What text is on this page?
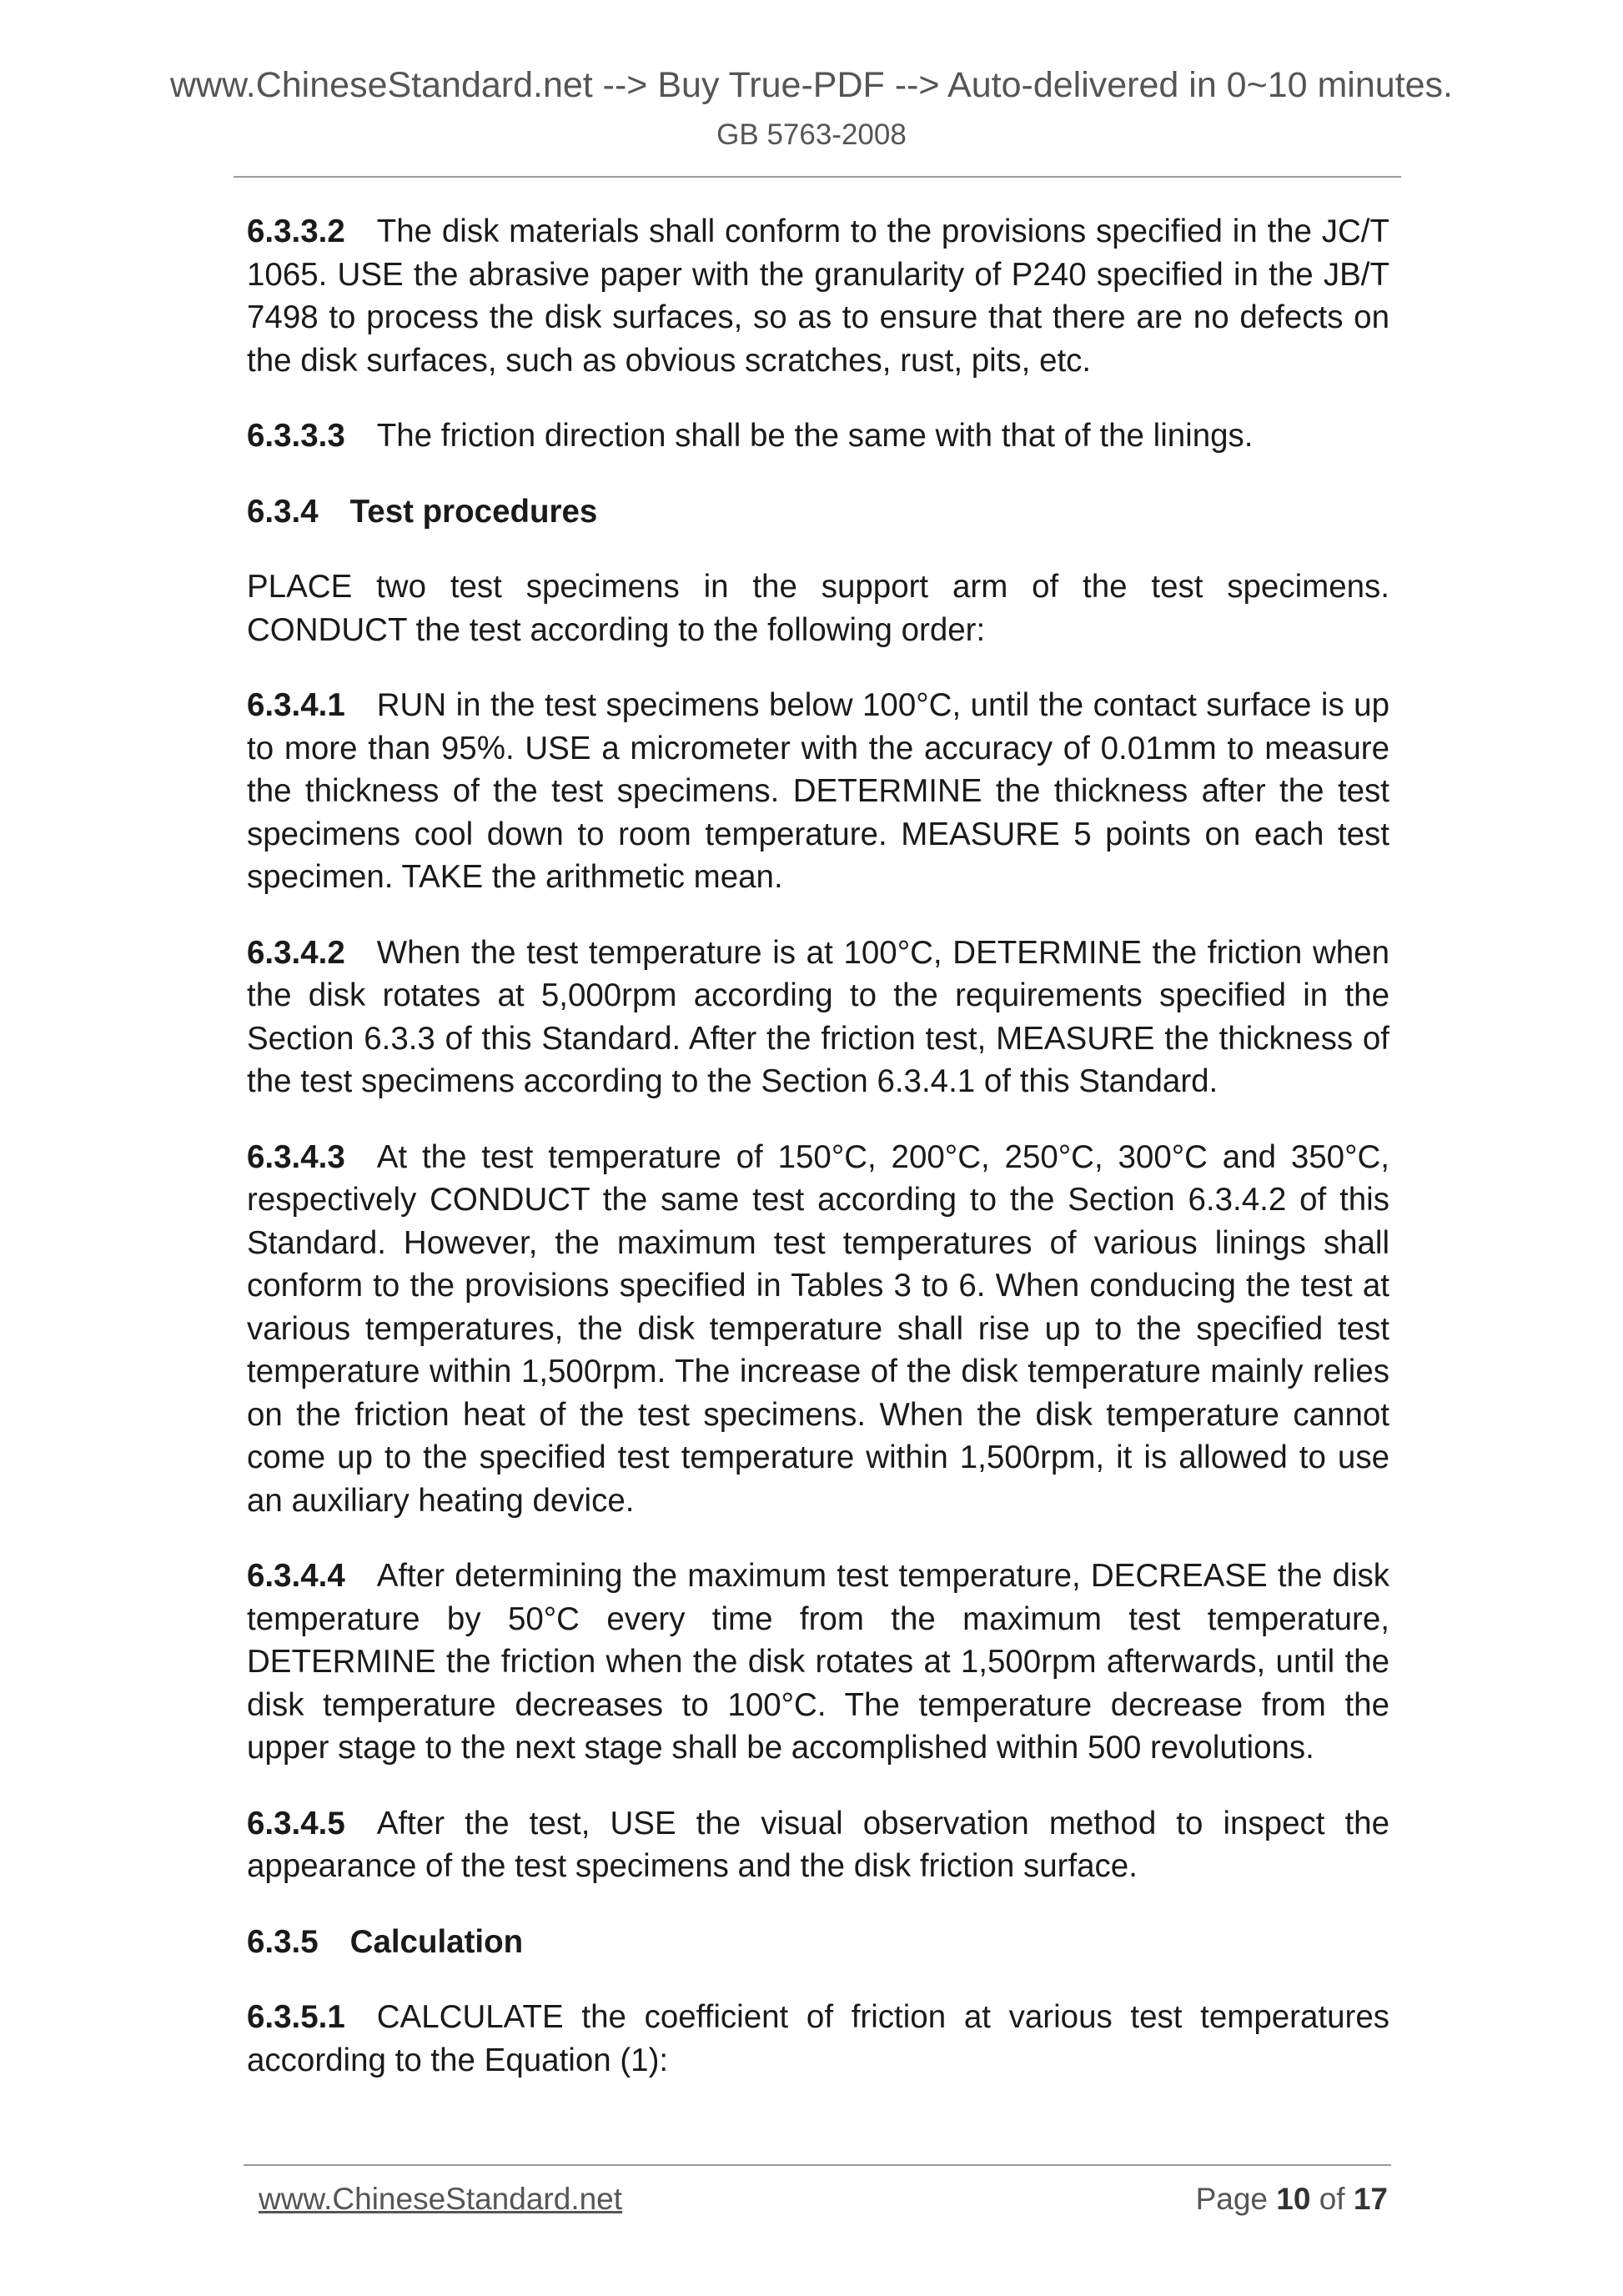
www.ChineseStandard.net --> Buy True-PDF --> Auto-delivered in 0~10 minutes.
GB 5763-2008

6.3.3.2 The disk materials shall conform to the provisions specified in the JC/T 1065. USE the abrasive paper with the granularity of P240 specified in the JB/T 7498 to process the disk surfaces, so as to ensure that there are no defects on the disk surfaces, such as obvious scratches, rust, pits, etc.

6.3.3.3 The friction direction shall be the same with that of the linings.

6.3.4 Test procedures

PLACE two test specimens in the support arm of the test specimens. CONDUCT the test according to the following order:

6.3.4.1 RUN in the test specimens below 100°C, until the contact surface is up to more than 95%. USE a micrometer with the accuracy of 0.01mm to measure the thickness of the test specimens. DETERMINE the thickness after the test specimens cool down to room temperature. MEASURE 5 points on each test specimen. TAKE the arithmetic mean.

6.3.4.2 When the test temperature is at 100°C, DETERMINE the friction when the disk rotates at 5,000rpm according to the requirements specified in the Section 6.3.3 of this Standard. After the friction test, MEASURE the thickness of the test specimens according to the Section 6.3.4.1 of this Standard.

6.3.4.3 At the test temperature of 150°C, 200°C, 250°C, 300°C and 350°C, respectively CONDUCT the same test according to the Section 6.3.4.2 of this Standard. However, the maximum test temperatures of various linings shall conform to the provisions specified in Tables 3 to 6. When conducing the test at various temperatures, the disk temperature shall rise up to the specified test temperature within 1,500rpm. The increase of the disk temperature mainly relies on the friction heat of the test specimens. When the disk temperature cannot come up to the specified test temperature within 1,500rpm, it is allowed to use an auxiliary heating device.

6.3.4.4 After determining the maximum test temperature, DECREASE the disk temperature by 50°C every time from the maximum test temperature, DETERMINE the friction when the disk rotates at 1,500rpm afterwards, until the disk temperature decreases to 100°C. The temperature decrease from the upper stage to the next stage shall be accomplished within 500 revolutions.

6.3.4.5 After the test, USE the visual observation method to inspect the appearance of the test specimens and the disk friction surface.

6.3.5 Calculation

6.3.5.1 CALCULATE the coefficient of friction at various test temperatures according to the Equation (1):

www.ChineseStandard.net	Page 10 of 17
